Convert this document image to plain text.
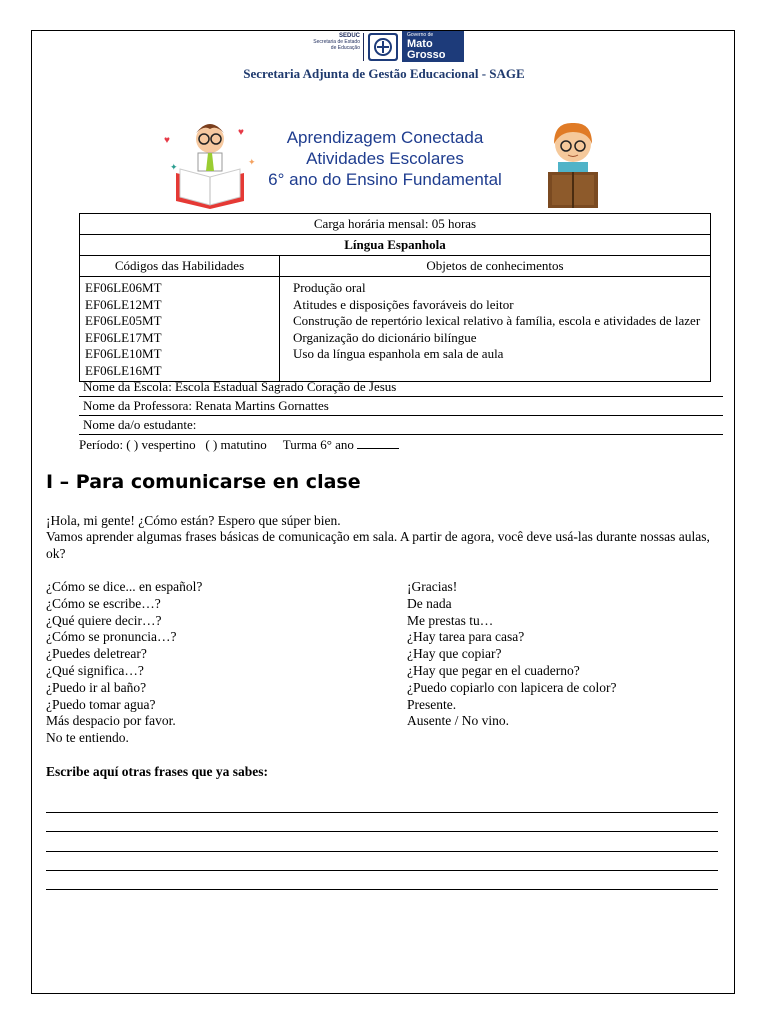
SEDUC
Secretaria de Estado
de Educação
Governo de
Mato
Grosso
Secretaria Adjunta de Gestão Educacional - SAGE
♥
♥
✦
✦
Aprendizagem Conectada
Atividades Escolares
6° ano do Ensino Fundamental
Carga horária mensal: 05 horas
Língua Espanhola
Códigos das Habilidades
EF06LE06MT
EF06LE12MT
EF06LE05MT
EF06LE17MT
EF06LE10MT
EF06LE16MT
Objetos de conhecimentos
Produção oral
Atitudes e disposições favoráveis do leitor
Construção de repertório lexical relativo à família, escola e atividades de lazer
Organização do dicionário bilíngue
Uso da língua espanhola em sala de aula
Nome da Escola: Escola Estadual Sagrado Coração de Jesus
Nome da Professora: Renata Martins Gornattes
Nome da/o estudante:
Período: ( ) vespertino   ( ) matutino     Turma 6° ano
I – Para comunicarse en clase
¡Hola, mi gente! ¿Cómo están? Espero que súper bien.
Vamos aprender algumas frases básicas de comunicação em sala. A partir de agora, você deve usá-las durante nossas aulas, ok?
¿Cómo se dice... en español?
¿Cómo se escribe…?
¿Qué quiere decir…?
¿Cómo se pronuncia…?
¿Puedes deletrear?
¿Qué significa…?
¿Puedo ir al baño?
¿Puedo tomar agua?
Más despacio por favor.
No te entiendo.
¡Gracias!
De nada
Me prestas tu…
¿Hay tarea para casa?
¿Hay que copiar?
¿Hay que pegar en el cuaderno?
¿Puedo copiarlo con lapicera de color?
Presente.
Ausente / No vino.
Escribe aquí otras frases que ya sabes:
